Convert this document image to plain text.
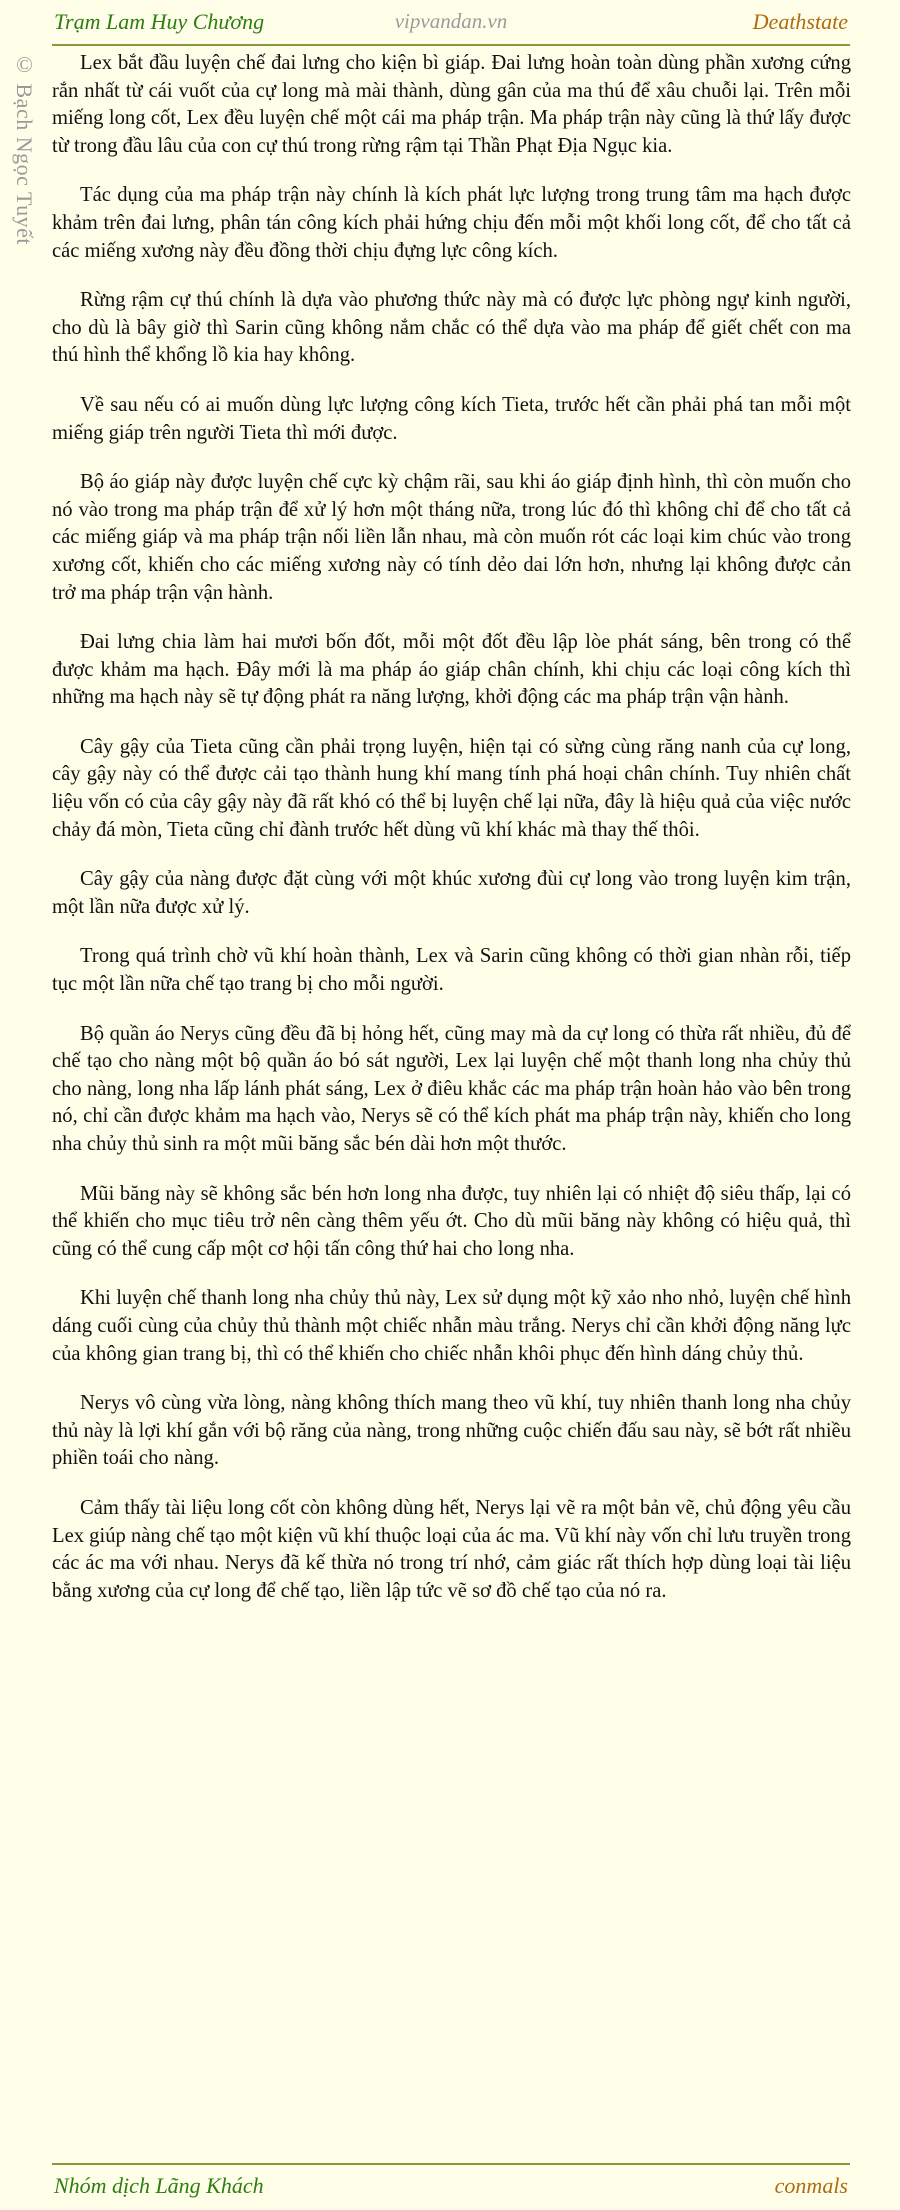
Trạm Lam Huy Chương	vipvandan.vn	Deathstate
© Bạch Ngọc Tuyết	Lex bắt đầu luyện chế đai lưng cho kiện bì giáp. Đai lưng hoàn toàn dùng phần xương cứng rắn nhất từ cái vuốt của cự long mà mài thành, dùng gân của ma thú để xâu chuỗi lại. Trên mỗi miếng long cốt, Lex đều luyện chế một cái ma pháp trận. Ma pháp trận này cũng là thứ lấy được từ trong đầu lâu của con cự thú trong rừng rậm tại Thần Phạt Địa Ngục kia.

Tác dụng của ma pháp trận này chính là kích phát lực lượng trong trung tâm ma hạch được khảm trên đai lưng, phân tán công kích phải hứng chịu đến mỗi một khối long cốt, để cho tất cả các miếng xương này đều đồng thời chịu đựng lực công kích.

Rừng rậm cự thú chính là dựa vào phương thức này mà có được lực phòng ngự kinh người, cho dù là bây giờ thì Sarin cũng không nắm chắc có thể dựa vào ma pháp để giết chết con ma thú hình thể khổng lồ kia hay không.

Về sau nếu có ai muốn dùng lực lượng công kích Tieta, trước hết cần phải phá tan mỗi một miếng giáp trên người Tieta thì mới được.

Bộ áo giáp này được luyện chế cực kỳ chậm rãi, sau khi áo giáp định hình, thì còn muốn cho nó vào trong ma pháp trận để xử lý hơn một tháng nữa, trong lúc đó thì không chỉ để cho tất cả các miếng giáp và ma pháp trận nối liền lẫn nhau, mà còn muốn rót các loại kim chúc vào trong xương cốt, khiến cho các miếng xương này có tính dẻo dai lớn hơn, nhưng lại không được cản trở ma pháp trận vận hành.

Đai lưng chia làm hai mươi bốn đốt, mỗi một đốt đều lập lòe phát sáng, bên trong có thể được khảm ma hạch. Đây mới là ma pháp áo giáp chân chính, khi chịu các loại công kích thì những ma hạch này sẽ tự động phát ra năng lượng, khởi động các ma pháp trận vận hành.

Cây gậy của Tieta cũng cần phải trọng luyện, hiện tại có sừng cùng răng nanh của cự long, cây gậy này có thể được cải tạo thành hung khí mang tính phá hoại chân chính. Tuy nhiên chất liệu vốn có của cây gậy này đã rất khó có thể bị luyện chế lại nữa, đây là hiệu quả của việc nước chảy đá mòn, Tieta cũng chỉ đành trước hết dùng vũ khí khác mà thay thế thôi.

Cây gậy của nàng được đặt cùng với một khúc xương đùi cự long vào trong luyện kim trận, một lần nữa được xử lý.

Trong quá trình chờ vũ khí hoàn thành, Lex và Sarin cũng không có thời gian nhàn rỗi, tiếp tục một lần nữa chế tạo trang bị cho mỗi người.

Bộ quần áo Nerys cũng đều đã bị hỏng hết, cũng may mà da cự long có thừa rất nhiều, đủ để chế tạo cho nàng một bộ quần áo bó sát người, Lex lại luyện chế một thanh long nha chủy thủ cho nàng, long nha lấp lánh phát sáng, Lex ở điêu khắc các ma pháp trận hoàn hảo vào bên trong nó, chỉ cần được khảm ma hạch vào, Nerys sẽ có thể kích phát ma pháp trận này, khiến cho long nha chủy thủ sinh ra một mũi băng sắc bén dài hơn một thước.

Mũi băng này sẽ không sắc bén hơn long nha được, tuy nhiên lại có nhiệt độ siêu thấp, lại có thể khiến cho mục tiêu trở nên càng thêm yếu ớt. Cho dù mũi băng này không có hiệu quả, thì cũng có thể cung cấp một cơ hội tấn công thứ hai cho long nha.

Khi luyện chế thanh long nha chủy thủ này, Lex sử dụng một kỹ xảo nho nhỏ, luyện chế hình dáng cuối cùng của chủy thủ thành một chiếc nhẫn màu trắng. Nerys chỉ cần khởi động năng lực của không gian trang bị, thì có thể khiến cho chiếc nhẫn khôi phục đến hình dáng chủy thủ.

Nerys vô cùng vừa lòng, nàng không thích mang theo vũ khí, tuy nhiên thanh long nha chủy thủ này là lợi khí gắn với bộ răng của nàng, trong những cuộc chiến đấu sau này, sẽ bớt rất nhiều phiền toái cho nàng.

Cảm thấy tài liệu long cốt còn không dùng hết, Nerys lại vẽ ra một bản vẽ, chủ động yêu cầu Lex giúp nàng chế tạo một kiện vũ khí thuộc loại của ác ma. Vũ khí này vốn chỉ lưu truyền trong các ác ma với nhau. Nerys đã kế thừa nó trong trí nhớ, cảm giác rất thích hợp dùng loại tài liệu bằng xương của cự long để chế tạo, liền lập tức vẽ sơ đồ chế tạo của nó ra.

Nhóm dịch Lãng Khách	conmals
